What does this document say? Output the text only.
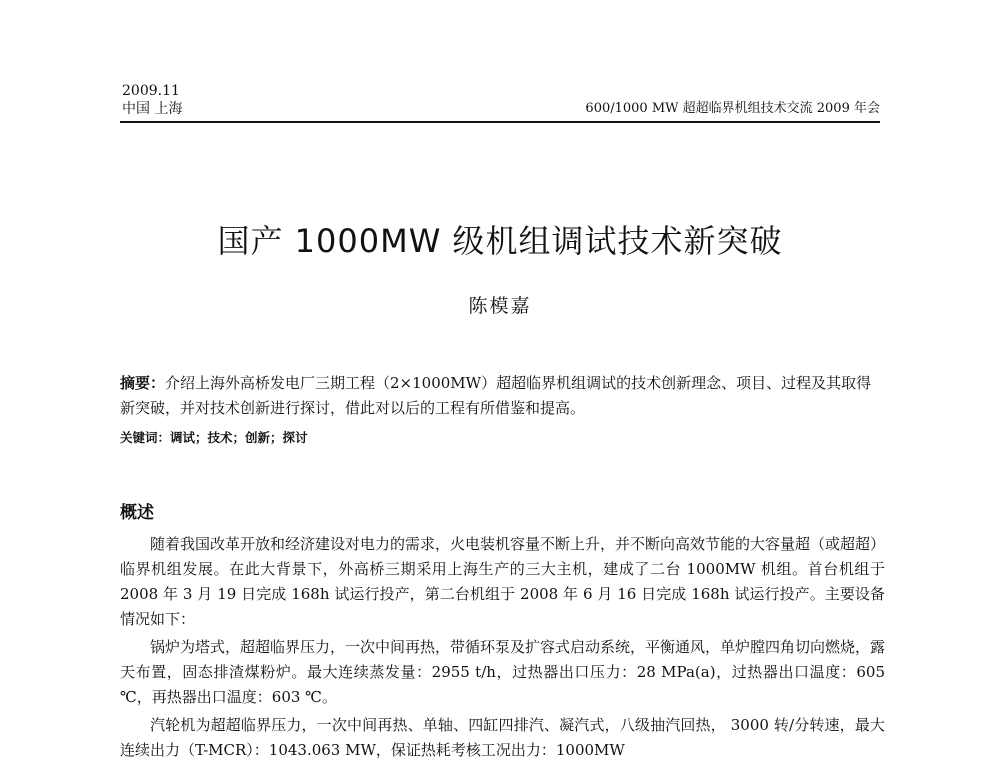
2009.11
中国 上海	600/1000 MW 超超临界机组技术交流 2009 年会
国产 1000MW 级机组调试技术新突破
陈模嘉
摘要：介绍上海外高桥发电厂三期工程（2×1000MW）超超临界机组调试的技术创新理念、项目、过程及其取得新突破，并对技术创新进行探讨，借此对以后的工程有所借鉴和提高。
关键词：调试；技术；创新；探讨
概述

随着我国改革开放和经济建设对电力的需求，火电装机容量不断上升，并不断向高效节能的大容量超（或超超）临界机组发展。在此大背景下，外高桥三期采用上海生产的三大主机，建成了二台 1000MW 机组。首台机组于 2008 年 3 月 19 日完成 168h 试运行投产，第二台机组于 2008 年 6 月 16 日完成 168h 试运行投产。主要设备情况如下：

锅炉为塔式，超超临界压力，一次中间再热，带循环泵及扩容式启动系统，平衡通风，单炉膛四角切向燃烧，露天布置，固态排渣煤粉炉。最大连续蒸发量：2955 t/h，过热器出口压力：28 MPa(a)，过热器出口温度：605 ℃，再热器出口温度：603 ℃。

汽轮机为超超临界压力，一次中间再热、单轴、四缸四排汽、凝汽式，八级抽汽回热， 3000 转/分转速，最大连续出力（T-MCR）：1043.063 MW，保证热耗考核工况出力：1000MW
